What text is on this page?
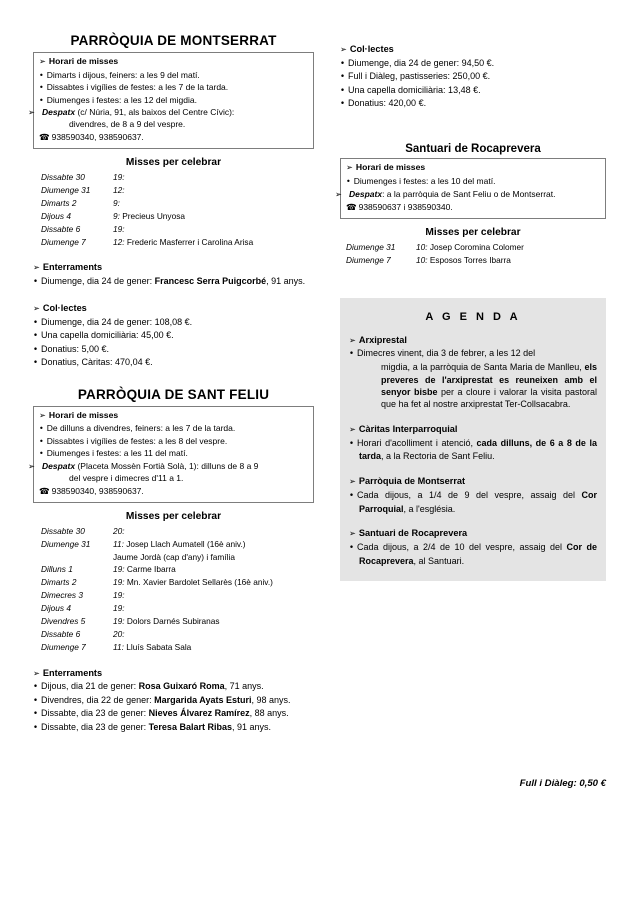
PARRÒQUIA DE MONTSERRAT
➢ Horari de misses

• Dimarts i dijous, feiners: a les 9 del matí.

• Dissabtes i vigílies de festes: a les 7 de la tarda.

• Diumenges i festes: a les 12 del migdia.

➢ Despatx (c/ Núria, 91, als baixos del Centre Cívic):
divendres, de 8 a 9 del vespre.

☎ 938590340, 938590637.

Misses per celebrar
Dissabte 30	19:
Diumenge 31	12:
Dimarts 2	9:
Dijous 4	9: Precieus Unyosa
Dissabte 6	19:
Diumenge 7	12: Frederic Masferrer i Carolina Arisa
➢ Enterraments

• Diumenge, dia 24 de gener: Francesc Serra Puigcorbé, 91 anys.

➢ Col·lectes

• Diumenge, dia 24 de gener: 108,08 €.

• Una capella domiciliària: 45,00 €.

• Donatius: 5,00 €.

• Donatius, Càritas: 470,04 €.

PARRÒQUIA DE SANT FELIU
➢ Horari de misses

• De dilluns a divendres, feiners: a les 7 de la tarda.

• Dissabtes i vigílies de festes: a les 8 del vespre.

• Diumenges i festes: a les 11 del matí.

➢ Despatx (Placeta Mossèn Fortià Solà, 1): dilluns de 8 a 9
del vespre i dimecres d'11 a 1.

☎ 938590340, 938590637.

Misses per celebrar
Dissabte 30	20:
Diumenge 31	11: Josep Llach Aumatell (16è aniv.)
Jaume Jordà (cap d'any) i família

Dilluns 1	19: Carme Ibarra
Dimarts 2	19: Mn. Xavier Bardolet Sellarès (16è aniv.)
Dimecres 3	19:
Dijous 4	19:
Divendres 5	19: Dolors Darnés Subiranas
Dissabte 6	20:
Diumenge 7	11: Lluís Sabata Sala
➢ Enterraments

• Dijous, dia 21 de gener: Rosa Guixaró Roma, 71 anys.

• Divendres, dia 22 de gener: Margarida Ayats Esturi, 98 anys.

• Dissabte, dia 23 de gener: Nieves Álvarez Ramírez, 88 anys.

• Dissabte, dia 23 de gener: Teresa Balart Ribas, 91 anys.

➢ Col·lectes

• Diumenge, dia 24 de gener: 94,50 €.

• Full i Diàleg, pastisseries: 250,00 €.

• Una capella domiciliària: 13,48 €.

• Donatius: 420,00 €.

Santuari de Rocaprevera
➢ Horari de misses

• Diumenges i festes: a les 10 del matí.

➢ Despatx: a la parròquia de Sant Feliu o de Montserrat.

☎ 938590637 i 938590340.

Misses per celebrar
Diumenge 31	10: Josep Coromina Colomer
Diumenge 7	10: Esposos Torres Ibarra
A G E N D A
➢ Arxiprestal

• Dimecres vinent, dia 3 de febrer, a les 12 del
migdia, a la parròquia de Santa Maria de Manlleu, els preveres de l'arxiprestat es reuneixen amb el senyor bisbe per a cloure i valorar la visita pastoral que ha fet al nostre arxiprestat Ter-Collsacabra.

➢ Càritas Interparroquial

• Horari d'acolliment i atenció, cada dilluns, de 6 a 8 de la tarda, a la Rectoria de Sant Feliu.

➢ Parròquia de Montserrat

• Cada dijous, a 1/4 de 9 del vespre, assaig del Cor Parroquial, a l'església.

➢ Santuari de Rocaprevera

• Cada dijous, a 2/4 de 10 del vespre, assaig del Cor de Rocaprevera, al Santuari.

Full i Diàleg: 0,50 €
